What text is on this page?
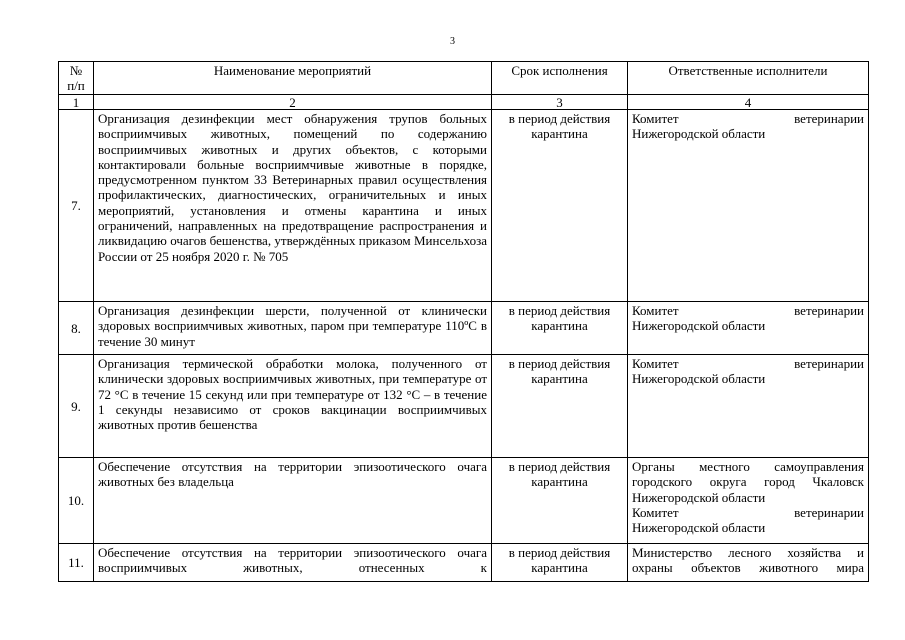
3
№ п/п	Наименование мероприятий	Срок исполнения	Ответственные исполнители
1	2	3	4
7.	Организация дезинфекции мест обнаружения трупов больных восприимчивых животных, помещений по содержанию восприимчивых животных и других объектов, с которыми контактировали больные восприимчивые животные в порядке, предусмотренном пунктом 33 Ветеринарных правил осуществления профилактических, диагностических, ограничительных и иных мероприятий, установления и отмены карантина и иных ограничений, направленных на предотвращение распространения и ликвидацию очагов бешенства, утверждённых приказом Минсельхоза России от 25 ноября 2020 г. № 705	в период действия карантина	Комитет ветеринарии
Нижегородской области

8.	Организация дезинфекции шерсти, полученной от клинически здоровых восприимчивых животных, паром при температуре 110ºC в течение 30 минут	в период действия карантина	Комитет ветеринарии
Нижегородской области

9.	Организация термической обработки молока, полученного от клинически здоровых восприимчивых животных, при температуре от 72 °C в течение 15 секунд или при температуре от 132 °C – в течение 1 секунды независимо от сроков вакцинации восприимчивых животных против бешенства	в период действия карантина	Комитет ветеринарии
Нижегородской области

10.	Обеспечение отсутствия на территории эпизоотического очага животных без владельца	в период действия карантина	Органы местного самоуправления
городского округа город Чкаловск
Нижегородской области
Комитет ветеринарии
Нижегородской области

11.	Обеспечение отсутствия на территории эпизоотического очага восприимчивых животных, отнесенных к	в период действия карантина	Министерство лесного хозяйства и
охраны объектов животного мира
